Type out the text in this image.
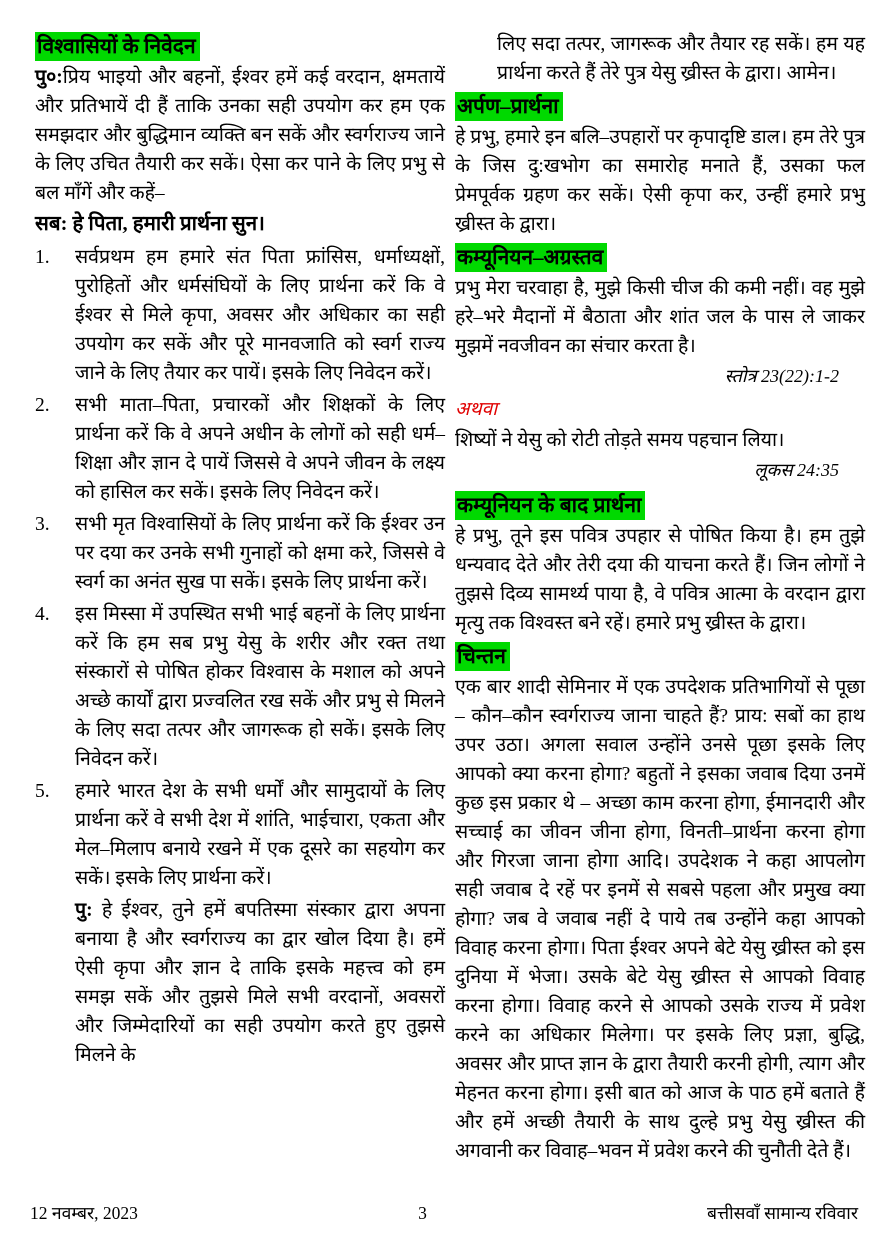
विश्वासियों के निवेदन
पु०:प्रिय भाइयो और बहनों, ईश्वर हमें कई वरदान, क्षमतायें और प्रतिभायें दी हैं ताकि उनका सही उपयोग कर हम एक समझदार और बुद्धिमान व्यक्ति बन सकें और स्वर्गराज्य जाने के लिए उचित तैयारी कर सकें। ऐसा कर पाने के लिए प्रभु से बल माँगें और कहें–
सब: हे पिता, हमारी प्रार्थना सुन।
1.	सर्वप्रथम हम हमारे संत पिता फ्रांसिस, धर्माध्यक्षों, पुरोहितों और धर्मसंघियों के लिए प्रार्थना करें कि वे ईश्वर से मिले कृपा, अवसर और अधिकार का सही उपयोग कर सकें और पूरे मानवजाति को स्वर्ग राज्य जाने के लिए तैयार कर पायें। इसके लिए निवेदन करें।
2.	सभी माता–पिता, प्रचारकों और शिक्षकों के लिए प्रार्थना करें कि वे अपने अधीन के लोगों को सही धर्म–शिक्षा और ज्ञान दे पायें जिससे वे अपने जीवन के लक्ष्य को हासिल कर सकें। इसके लिए निवेदन करें।
3.	सभी मृत विश्वासियों के लिए प्रार्थना करें कि ईश्वर उन पर दया कर उनके सभी गुनाहों को क्षमा करे, जिससे वे स्वर्ग का अनंत सुख पा सकें। इसके लिए प्रार्थना करें।
4.	इस मिस्सा में उपस्थित सभी भाई बहनों के लिए प्रार्थना करें कि हम सब प्रभु येसु के शरीर और रक्त तथा संस्कारों से पोषित होकर विश्वास के मशाल को अपने अच्छे कार्यों द्वारा प्रज्वलित रख सकें और प्रभु से मिलने के लिए सदा तत्पर और जागरूक हो सकें। इसके लिए निवेदन करें।
5.	हमारे भारत देश के सभी धर्मों और सामुदायों के लिए प्रार्थना करें वे सभी देश में शांति, भाईचारा, एकता और मेल–मिलाप बनाये रखने में एक दूसरे का सहयोग कर सकें। इसके लिए प्रार्थना करें।
पु: हे ईश्वर, तुने हमें बपतिस्मा संस्कार द्वारा अपना बनाया है और स्वर्गराज्य का द्वार खोल दिया है। हमें ऐसी कृपा और ज्ञान दे ताकि इसके महत्त्व को हम समझ सकें और तुझसे मिले सभी वरदानों, अवसरों और जिम्मेदारियों का सही उपयोग करते हुए तुझसे मिलने के
लिए सदा तत्पर, जागरूक और तैयार रह सकें। हम यह प्रार्थना करते हैं तेरे पुत्र येसु ख्रीस्त के द्वारा। आमेन।
अर्पण–प्रार्थना
हे प्रभु, हमारे इन बलि–उपहारों पर कृपादृष्टि डाल। हम तेरे पुत्र के जिस दु:खभोग का समारोह मनाते हैं, उसका फल प्रेमपूर्वक ग्रहण कर सकें। ऐसी कृपा कर, उन्हीं हमारे प्रभु ख्रीस्त के द्वारा।
कम्यूनियन–अग्रस्तव
प्रभु मेरा चरवाहा है, मुझे किसी चीज की कमी नहीं। वह मुझे हरे–भरे मैदानों में बैठाता और शांत जल के पास ले जाकर मुझमें नवजीवन का संचार करता है।
स्तोत्र 23(22):1-2
अथवा
शिष्यों ने येसु को रोटी तोड़ते समय पहचान लिया।
लूकस 24:35
कम्यूनियन के बाद प्रार्थना
हे प्रभु, तूने इस पवित्र उपहार से पोषित किया है। हम तुझे धन्यवाद देते और तेरी दया की याचना करते हैं। जिन लोगों ने तुझसे दिव्य सामर्थ्य पाया है, वे पवित्र आत्मा के वरदान द्वारा मृत्यु तक विश्वस्त बने रहें। हमारे प्रभु ख्रीस्त के द्वारा।
चिन्तन
एक बार शादी सेमिनार में एक उपदेशक प्रतिभागियों से पूछा – कौन–कौन स्वर्गराज्य जाना चाहते हैं? प्राय: सबों का हाथ उपर उठा। अगला सवाल उन्होंने उनसे पूछा इसके लिए आपको क्या करना होगा? बहुतों ने इसका जवाब दिया उनमें कुछ इस प्रकार थे – अच्छा काम करना होगा, ईमानदारी और सच्चाई का जीवन जीना होगा, विनती–प्रार्थना करना होगा और गिरजा जाना होगा आदि। उपदेशक ने कहा आपलोग सही जवाब दे रहें पर इनमें से सबसे पहला और प्रमुख क्या होगा? जब वे जवाब नहीं दे पाये तब उन्होंने कहा आपको विवाह करना होगा। पिता ईश्वर अपने बेटे येसु ख्रीस्त को इस दुनिया में भेजा। उसके बेटे येसु ख्रीस्त से आपको विवाह करना होगा। विवाह करने से आपको उसके राज्य में प्रवेश करने का अधिकार मिलेगा। पर इसके लिए प्रज्ञा, बुद्धि, अवसर और प्राप्त ज्ञान के द्वारा तैयारी करनी होगी, त्याग और मेहनत करना होगा। इसी बात को आज के पाठ हमें बताते हैं और हमें अच्छी तैयारी के साथ दुल्हे प्रभु येसु ख्रीस्त की अगवानी कर विवाह–भवन में प्रवेश करने की चुनौती देते हैं।
12 नवम्बर, 2023	3	बत्तीसवाँ सामान्य रविवार
